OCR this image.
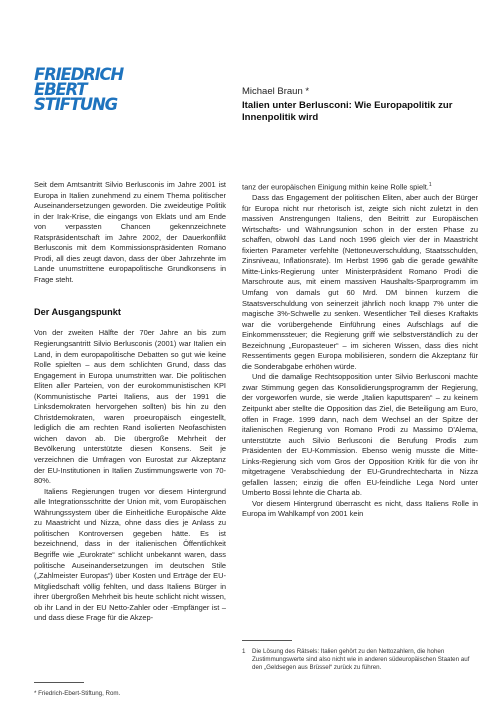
FRIEDRICH
EBERT
STIFTUNG
Michael Braun *
Italien unter Berlusconi: Wie Europapolitik zur Innenpolitik wird

Seit dem Amtsantritt Silvio Berlusconis im Jahre 2001 ist Europa in Italien zunehmend zu einem Thema politischer Auseinandersetzungen geworden. Die zweideutige Politik in der Irak-Krise, die eingangs von Eklats und am Ende von verpassten Chancen gekennzeichnete Ratspräsidentschaft im Jahre 2002, der Dauerkonflikt Berlusconis mit dem Kommissionspräsidenten Romano Prodi, all dies zeugt davon, dass der über Jahrzehnte im Lande unumstrittene europapolitische Grundkonsens in Frage steht.

Der Ausgangspunkt

Von der zweiten Hälfte der 70er Jahre an bis zum Regierungsantritt Silvio Berlusconis (2001) war Italien ein Land, in dem europapolitische Debatten so gut wie keine Rolle spielten – aus dem schlichten Grund, dass das Engagement in Europa unumstritten war. Die politischen Eliten aller Parteien, von der eurokommunistischen KPI (Kommunistische Partei Italiens, aus der 1991 die Linksdemokraten hervorgehen sollten) bis hin zu den Christdemokraten, waren proeuropäisch eingestellt, lediglich die am rechten Rand isolierten Neofaschisten wichen davon ab. Die übergroße Mehrheit der Bevölkerung unterstützte diesen Konsens. Seit je verzeichnen die Umfragen von Eurostat zur Akzeptanz der EU-Institutionen in Italien Zustimmungswerte von 70-80%.

Italiens Regierungen trugen vor diesem Hintergrund alle Integrationsschritte der Union mit, vom Europäischen Währungssystem über die Einheitliche Europäische Akte zu Maastricht und Nizza, ohne dass dies je Anlass zu politischen Kontroversen gegeben hätte. Es ist bezeichnend, dass in der italienischen Öffentlichkeit Begriffe wie „Eurokrate“ schlicht unbekannt waren, dass politische Auseinandersetzungen im deutschen Stile („Zahlmeister Europas“) über Kosten und Erträge der EU-Mitgliedschaft völlig fehlten, und dass Italiens Bürger in ihrer übergroßen Mehrheit bis heute schlicht nicht wissen, ob ihr Land in der EU Netto-Zahler oder -Empfänger ist – und dass diese Frage für die Akzep-

tanz der europäischen Einigung mithin keine Rolle spielt.$^1$

Dass das Engagement der politischen Eliten, aber auch der Bürger für Europa nicht nur rhetorisch ist, zeigte sich nicht zuletzt in den massiven Anstrengungen Italiens, den Beitritt zur Europäischen Wirtschafts- und Währungsunion schon in der ersten Phase zu schaffen, obwohl das Land noch 1996 gleich vier der in Maastricht fixierten Parameter verfehlte (Nettoneuverschuldung, Staatsschulden, Zinsniveau, Inflationsrate). Im Herbst 1996 gab die gerade gewählte Mitte-Links-Regierung unter Ministerpräsident Romano Prodi die Marschroute aus, mit einem massiven Haushalts-Sparprogramm im Umfang von damals gut 60 Mrd. DM binnen kurzem die Staatsverschuldung von seinerzeit jährlich noch knapp 7% unter die magische 3%-Schwelle zu senken. Wesentlicher Teil dieses Kraftakts war die vorübergehende Einführung eines Aufschlags auf die Einkommenssteuer; die Regierung griff wie selbstverständlich zu der Bezeichnung „Europasteuer“ – im sicheren Wissen, dass dies nicht Ressentiments gegen Europa mobilisieren, sondern die Akzeptanz für die Sonderabgabe erhöhen würde.

Und die damalige Rechtsopposition unter Silvio Berlusconi machte zwar Stimmung gegen das Konsolidierungsprogramm der Regierung, der vorgeworfen wurde, sie werde „Italien kaputtsparen“ – zu keinem Zeitpunkt aber stellte die Opposition das Ziel, die Beteiligung am Euro, offen in Frage. 1999 dann, nach dem Wechsel an der Spitze der italienischen Regierung von Romano Prodi zu Massimo D’Alema, unterstützte auch Silvio Berlusconi die Berufung Prodis zum Präsidenten der EU-Kommission. Ebenso wenig musste die Mitte-Links-Regierung sich vom Gros der Opposition Kritik für die von ihr mitgetragene Verabschiedung der EU-Grundrechtecharta in Nizza gefallen lassen; einzig die offen EU-feindliche Lega Nord unter Umberto Bossi lehnte die Charta ab.

Vor diesem Hintergrund überrascht es nicht, dass Italiens Rolle in Europa im Wahlkampf von 2001 kein

* Friedrich-Ebert-Stiftung, Rom.
1	Die Lösung des Rätsels: Italien gehört zu den Nettozahlern, die hohen Zustimmungswerte sind also nicht wie in anderen südeuropäischen Staaten auf den „Geldsegen aus Brüssel“ zurück zu führen.
